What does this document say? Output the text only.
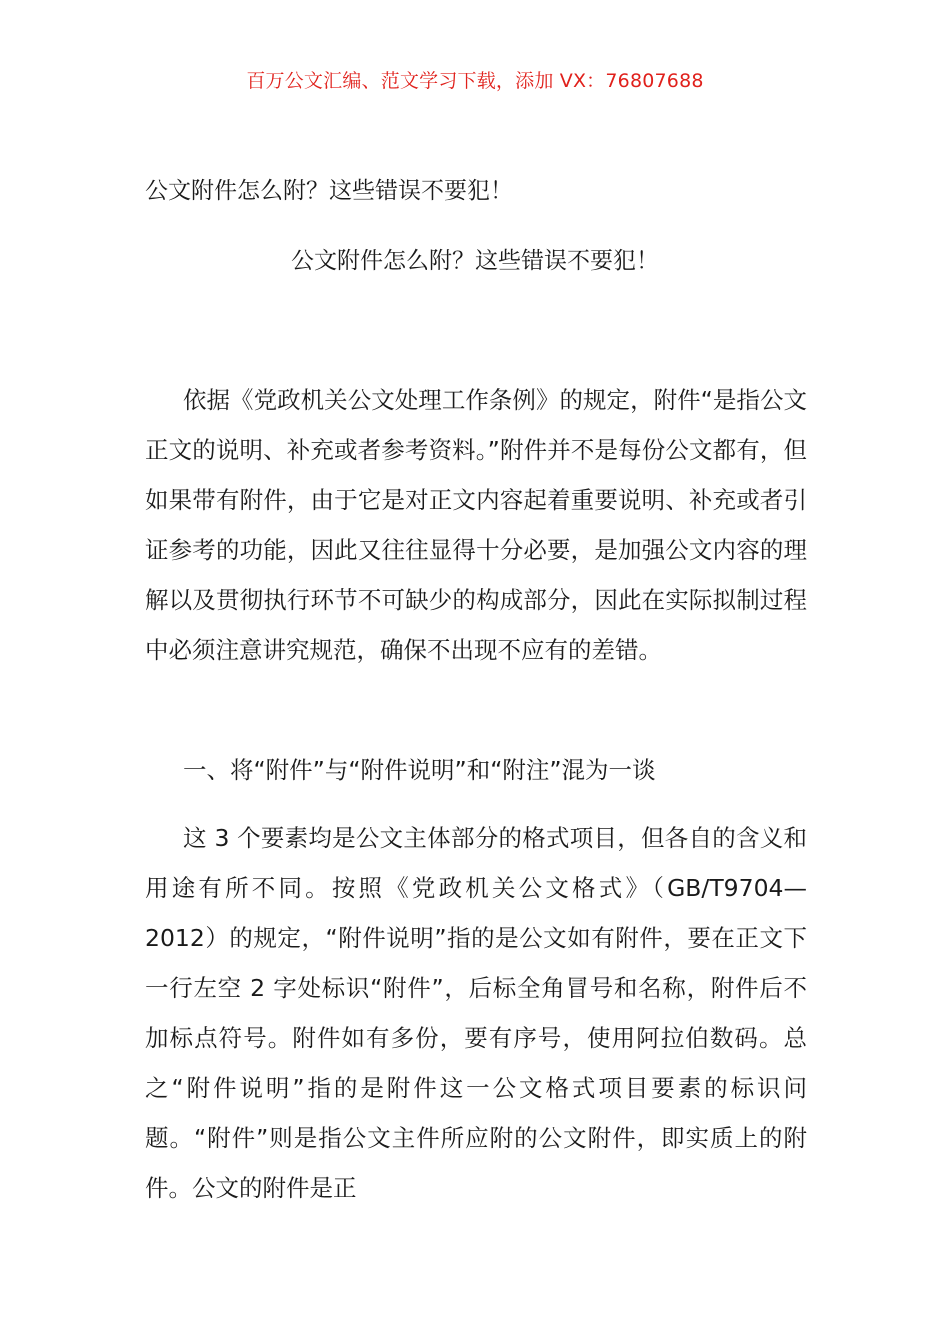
百万公文汇编、范文学习下载，添加 VX：76807688
公文附件怎么附？这些错误不要犯！
公文附件怎么附？这些错误不要犯！

依据《党政机关公文处理工作条例》的规定，附件“是指公文正文的说明、补充或者参考资料。”附件并不是每份公文都有，但如果带有附件，由于它是对正文内容起着重要说明、补充或者引证参考的功能，因此又往往显得十分必要，是加强公文内容的理解以及贯彻执行环节不可缺少的构成部分，因此在实际拟制过程中必须注意讲究规范，确保不出现不应有的差错。

一、将“附件”与“附件说明”和“附注”混为一谈

这 3 个要素均是公文主体部分的格式项目，但各自的含义和用途有所不同。按照《党政机关公文格式》（GB/T9704—2012）的规定，“附件说明”指的是公文如有附件，要在正文下一行左空 2 字处标识“附件”，后标全角冒号和名称，附件后不加标点符号。附件如有多份，要有序号，使用阿拉伯数码。总之“附件说明”指的是附件这一公文格式项目要素的标识问题。“附件”则是指公文主件所应附的公文附件，即实质上的附件。公文的附件是正
